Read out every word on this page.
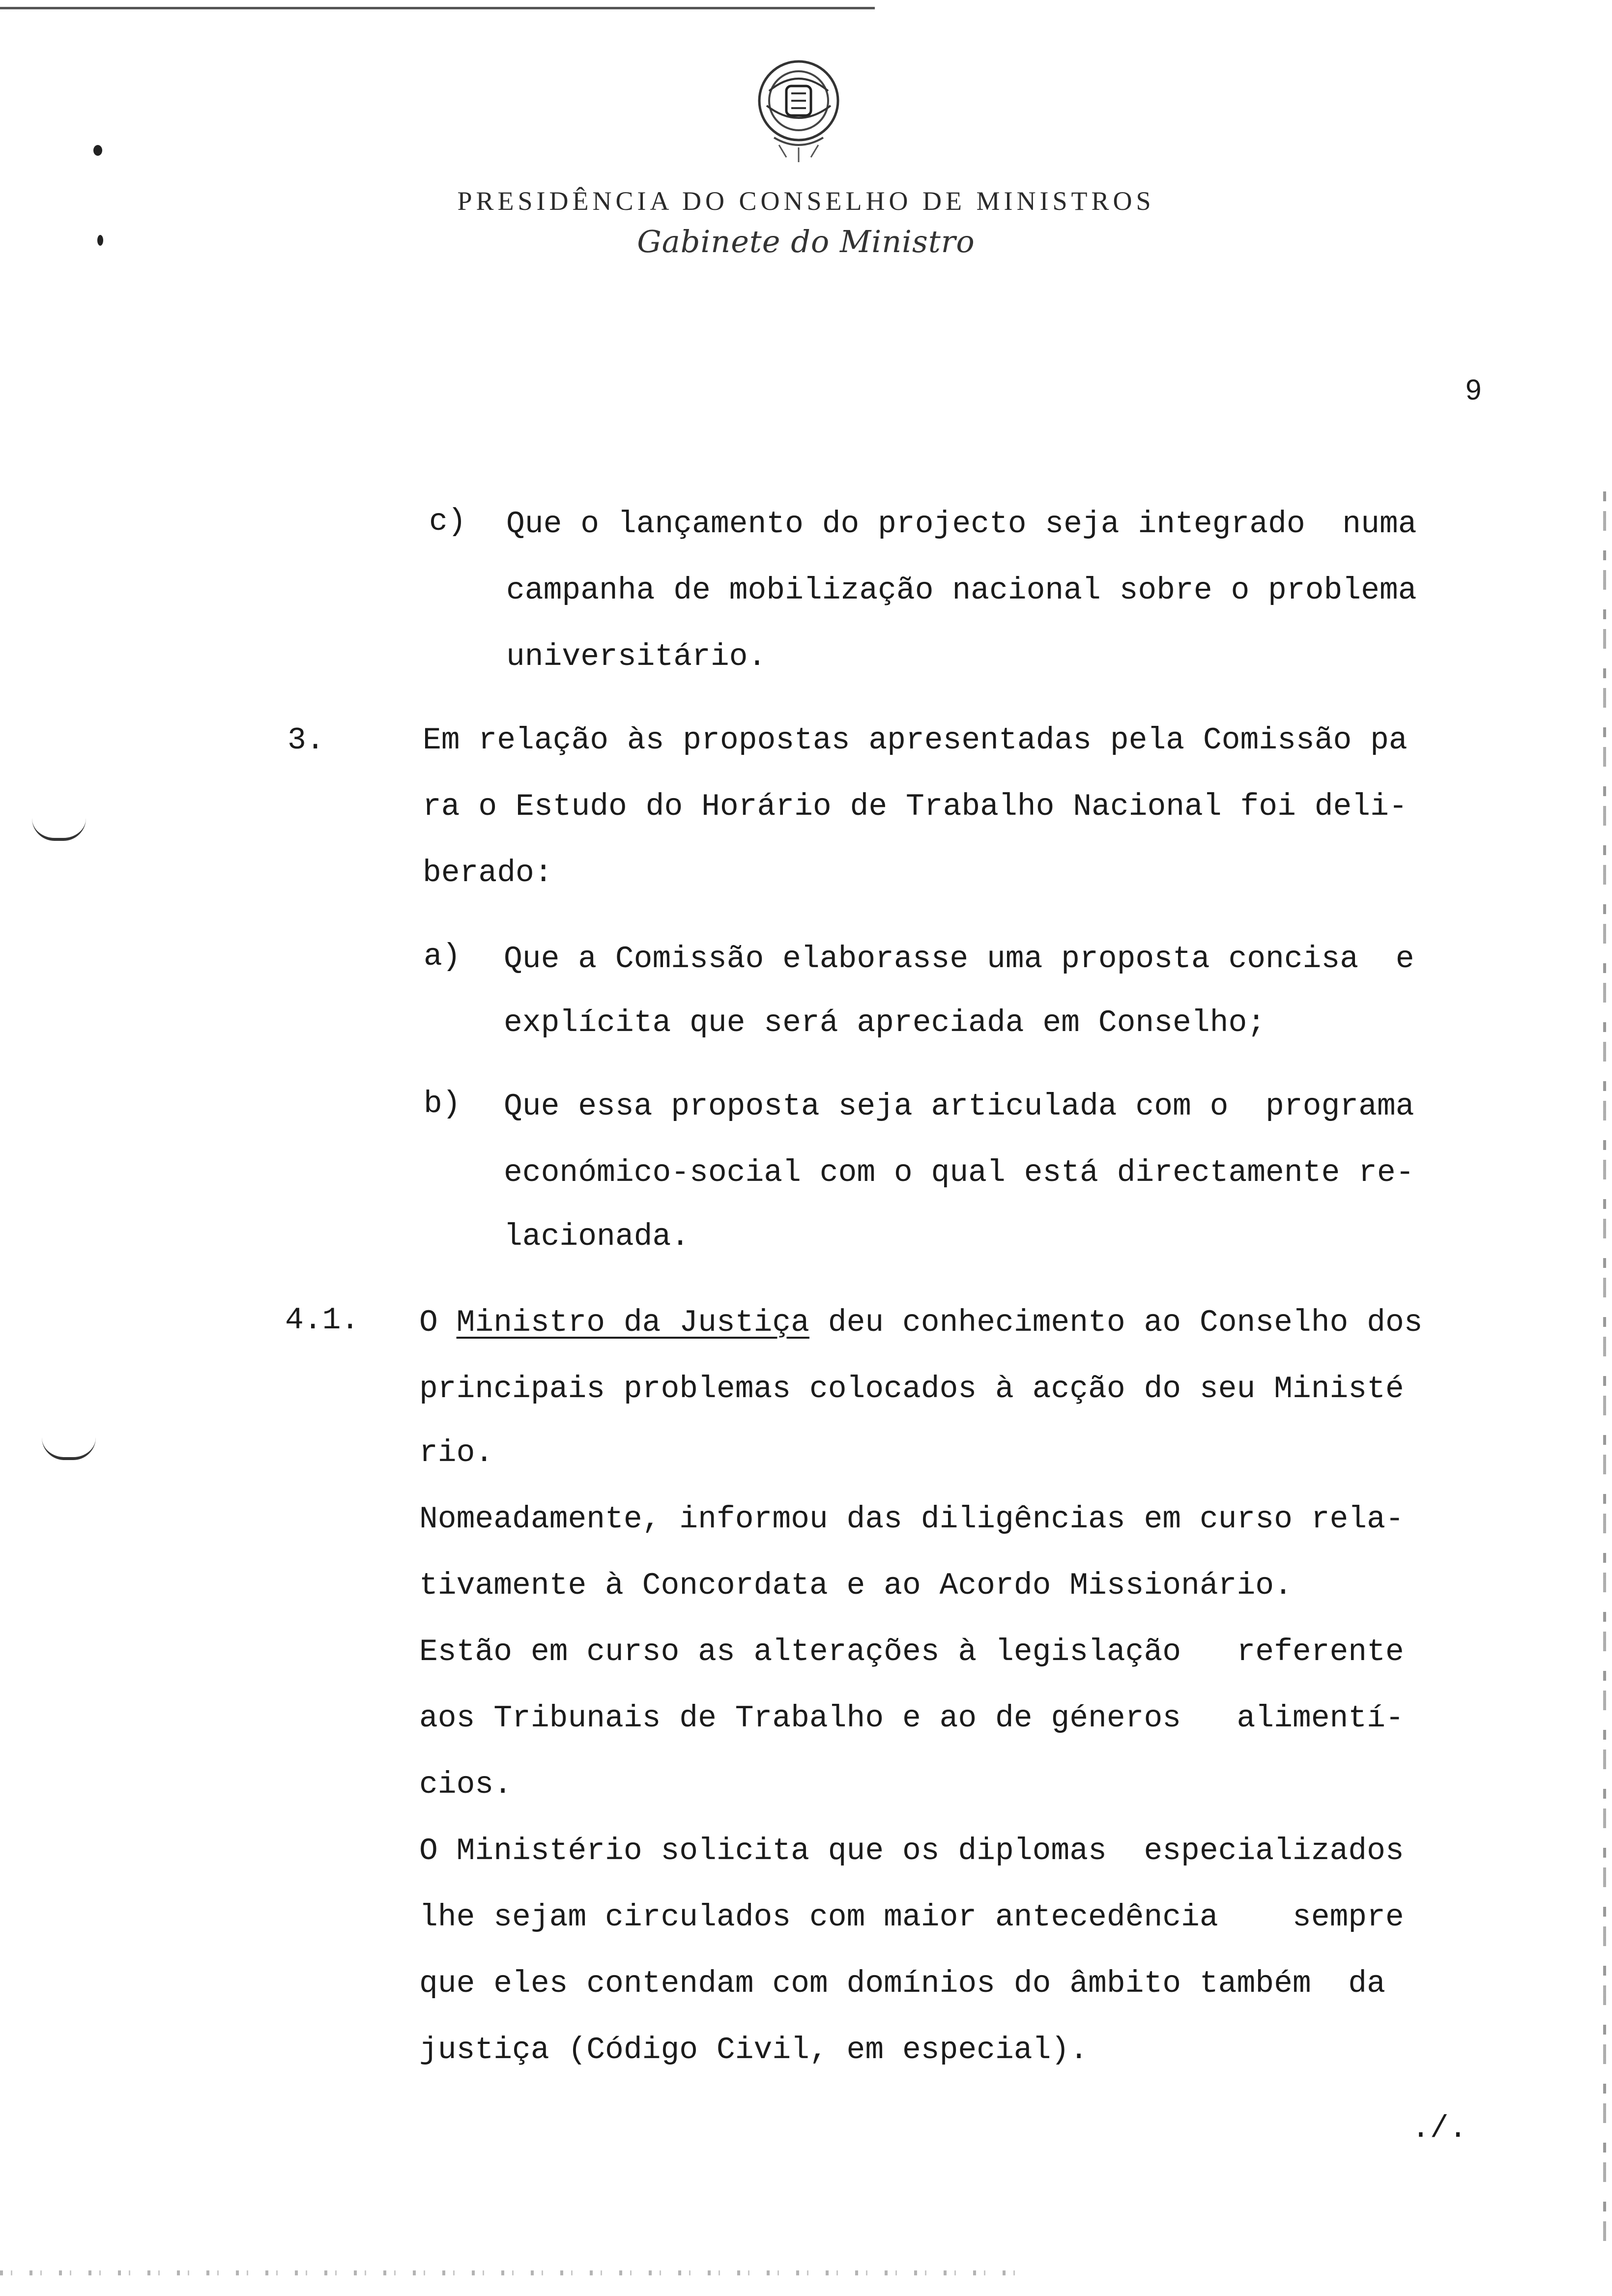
PRESIDÊNCIA DO CONSELHO DE MINISTROS
Gabinete do Ministro
9
c) Que o lançamento do projecto seja integrado  numa
campanha de mobilização nacional sobre o problema
universitário.
3.	Em relação às propostas apresentadas pela Comissão pa
ra o Estudo do Horário de Trabalho Nacional foi deli-
berado:
a) Que a Comissão elaborasse uma proposta concisa  e
explícita que será apreciada em Conselho;
b) Que essa proposta seja articulada com o  programa
económico-social com o qual está directamente re-
lacionada.
4.1. O Ministro da Justiça deu conhecimento ao Conselho dos
principais problemas colocados à acção do seu Ministé
rio.
Nomeadamente, informou das diligências em curso rela-
tivamente à Concordata e ao Acordo Missionário.
Estão em curso as alterações à legislação   referente
aos Tribunais de Trabalho e ao de géneros   alimentí-
cios.
O Ministério solicita que os diplomas  especializados
lhe sejam circulados com maior antecedência    sempre
que eles contendam com domínios do âmbito também  da
justiça (Código Civil, em especial).
./.
